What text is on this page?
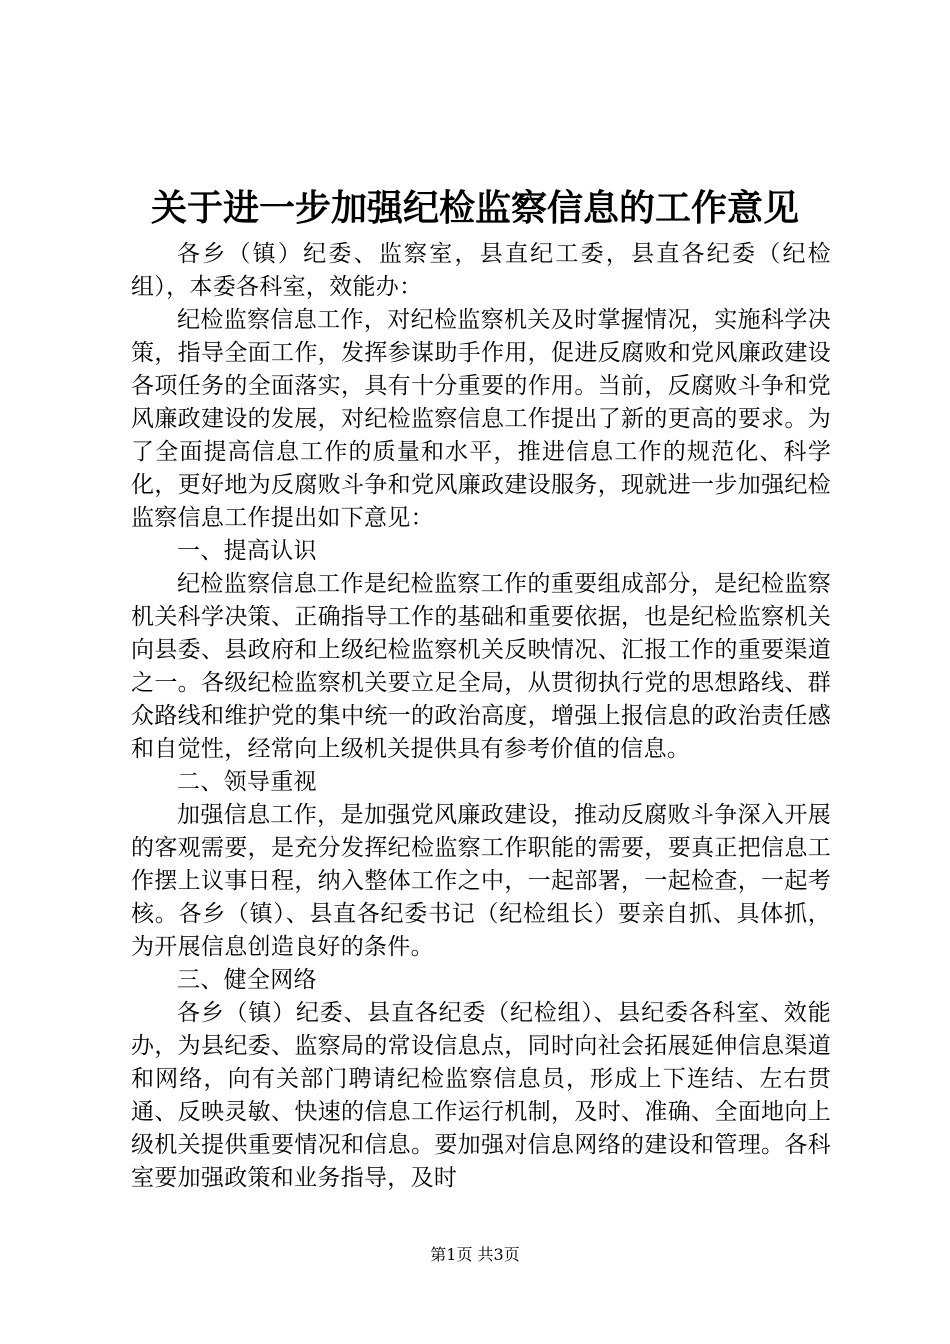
关于进一步加强纪检监察信息的工作意见

各乡（镇）纪委、监察室，县直纪工委，县直各纪委（纪检组），本委各科室，效能办：

纪检监察信息工作，对纪检监察机关及时掌握情况，实施科学决策，指导全面工作，发挥参谋助手作用，促进反腐败和党风廉政建设各项任务的全面落实，具有十分重要的作用。当前，反腐败斗争和党风廉政建设的发展，对纪检监察信息工作提出了新的更高的要求。为了全面提高信息工作的质量和水平，推进信息工作的规范化、科学化，更好地为反腐败斗争和党风廉政建设服务，现就进一步加强纪检监察信息工作提出如下意见：

一、提高认识

纪检监察信息工作是纪检监察工作的重要组成部分，是纪检监察机关科学决策、正确指导工作的基础和重要依据，也是纪检监察机关向县委、县政府和上级纪检监察机关反映情况、汇报工作的重要渠道之一。各级纪检监察机关要立足全局，从贯彻执行党的思想路线、群众路线和维护党的集中统一的政治高度，增强上报信息的政治责任感和自觉性，经常向上级机关提供具有参考价值的信息。

二、领导重视

加强信息工作，是加强党风廉政建设，推动反腐败斗争深入开展的客观需要，是充分发挥纪检监察工作职能的需要，要真正把信息工作摆上议事日程，纳入整体工作之中，一起部署，一起检查，一起考核。各乡（镇）、县直各纪委书记（纪检组长）要亲自抓、具体抓，为开展信息创造良好的条件。

三、健全网络

各乡（镇）纪委、县直各纪委（纪检组）、县纪委各科室、效能办，为县纪委、监察局的常设信息点，同时向社会拓展延伸信息渠道和网络，向有关部门聘请纪检监察信息员，形成上下连结、左右贯通、反映灵敏、快速的信息工作运行机制，及时、准确、全面地向上级机关提供重要情况和信息。要加强对信息网络的建设和管理。各科室要加强政策和业务指导，及时

第1页 共3页
